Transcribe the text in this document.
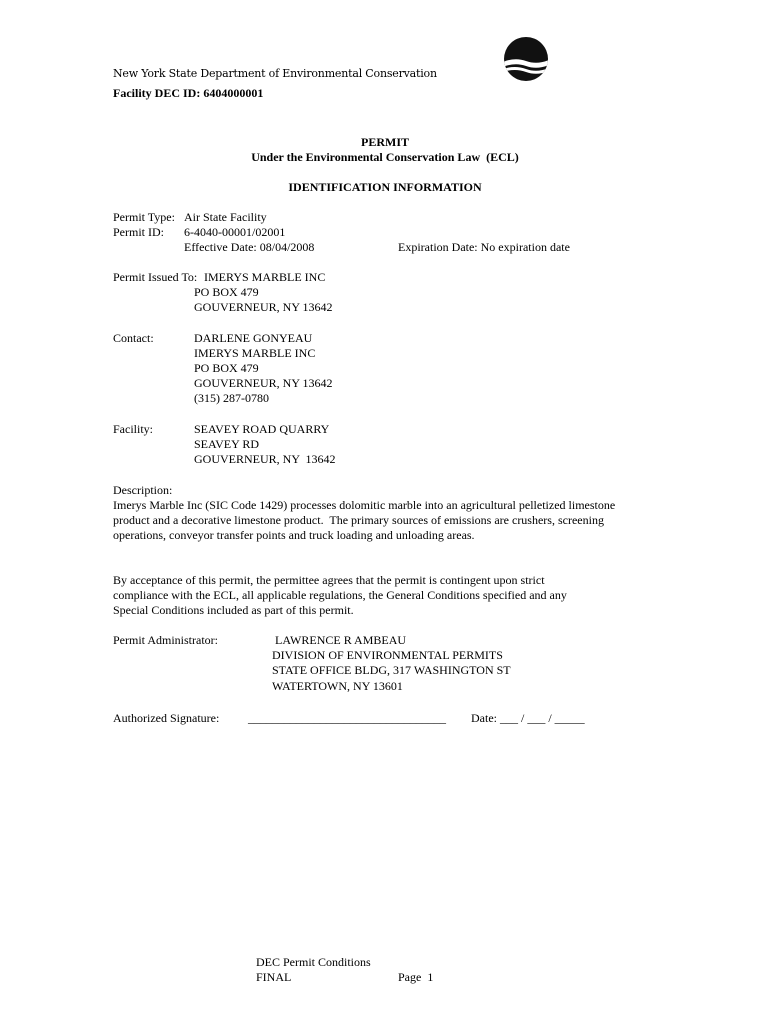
New York State Department of Environmental Conservation
Facility DEC ID: 6404000001
PERMIT
Under the Environmental Conservation Law  (ECL)
IDENTIFICATION INFORMATION
Permit Type: Air State Facility
Permit ID: 6-4040-00001/02001
Effective Date: 08/04/2008	Expiration Date: No expiration date
Permit Issued To: IMERYS MARBLE INC
PO BOX 479
GOUVERNEUR, NY 13642
Contact:	DARLENE GONYEAU
IMERYS MARBLE INC
PO BOX 479
GOUVERNEUR, NY 13642
(315) 287-0780
Facility:	SEAVEY ROAD QUARRY
SEAVEY RD
GOUVERNEUR, NY  13642
Description:
Imerys Marble Inc (SIC Code 1429) processes dolomitic marble into an agricultural pelletized limestone
product and a decorative limestone product.  The primary sources of emissions are crushers, screening
operations, conveyor transfer points and truck loading and unloading areas.
By acceptance of this permit, the permittee agrees that the permit is contingent upon strict
compliance with the ECL, all applicable regulations, the General Conditions specified and any
Special Conditions included as part of this permit.
Permit Administrator:	LAWRENCE R AMBEAU
DIVISION OF ENVIRONMENTAL PERMITS
STATE OFFICE BLDG, 317 WASHINGTON ST
WATERTOWN, NY 13601
Authorized Signature: _________________________________ Date: ___ / ___ / _____
DEC Permit Conditions
FINAL	Page  1
